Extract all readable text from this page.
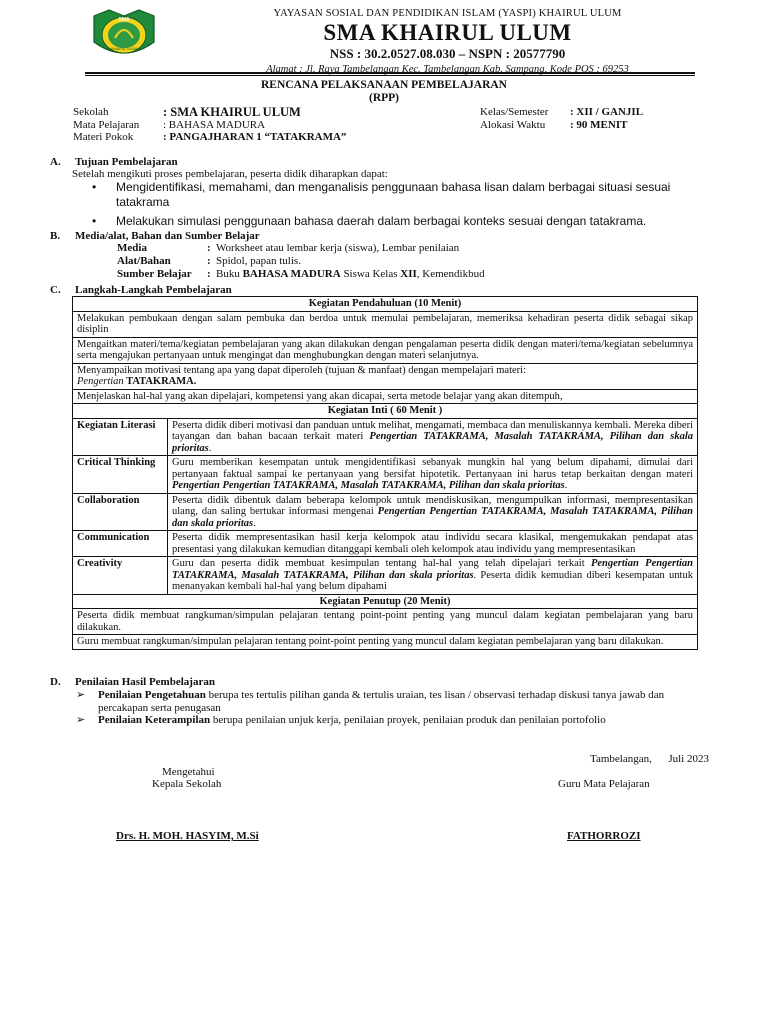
SMA
KHAIRUL ULUM
YAYASAN SOSIAL DAN PENDIDIKAN ISLAM (YASPI) KHAIRUL ULUM
SMA KHAIRUL ULUM
NSS : 30.2.0527.08.030 – NSPN : 20577790
Alamat : Jl. Raya Tambelangan Kec. Tambelangan Kab. Sampang, Kode POS : 69253
RENCANA PELAKSANAAN PEMBELAJARAN
(RPP)
Sekolah	: SMA KHAIRUL ULUM
Mata Pelajaran	: BAHASA MADURA
Materi Pokok	: PANGAJHARAN 1 “TATAKRAMA”
Kelas/Semester	: XII / GANJIL
Alokasi Waktu	: 90 MENIT
A. Tujuan Pembelajaran
Setelah mengikuti proses pembelajaran, peserta didik diharapkan dapat:
•	Mengidentifikasi, memahami, dan menganalisis penggunaan bahasa lisan dalam berbagai situasi sesuai tatakrama
•	Melakukan simulasi penggunaan bahasa daerah dalam berbagai konteks sesuai dengan tatakrama.
B. Media/alat, Bahan dan Sumber Belajar
Media	: Worksheet atau lembar kerja (siswa), Lembar penilaian
Alat/Bahan	: Spidol, papan tulis.
Sumber Belajar	: Buku BAHASA MADURA Siswa Kelas XII, Kemendikbud
C. Langkah-Langkah Pembelajaran
Kegiatan Pendahuluan (10 Menit)	
Melakukan pembukaan dengan salam pembuka dan berdoa untuk memulai pembelajaran, memeriksa kehadiran peserta didik sebagai sikap disiplin	
Mengaitkan materi/tema/kegiatan pembelajaran yang akan dilakukan dengan pengalaman peserta didik dengan materi/tema/kegiatan sebelumnya serta mengajukan pertanyaan untuk mengingat dan menghubungkan dengan materi selanjutnya.	
Menyampaikan motivasi tentang apa yang dapat diperoleh (tujuan & manfaat) dengan mempelajari materi:
Pengertian TATAKRAMA.	
Menjelaskan hal-hal yang akan dipelajari, kompetensi yang akan dicapai, serta metode belajar yang akan ditempuh,	
Kegiatan Inti ( 60 Menit )	
Kegiatan Literasi	Peserta didik diberi motivasi dan panduan untuk melihat, mengamati, membaca dan menuliskannya kembali. Mereka diberi tayangan dan bahan bacaan terkait materi Pengertian TATAKRAMA, Masalah TATAKRAMA, Pilihan dan skala prioritas.
Critical Thinking	Guru memberikan kesempatan untuk mengidentifikasi sebanyak mungkin hal yang belum dipahami, dimulai dari pertanyaan faktual sampai ke pertanyaan yang bersifat hipotetik. Pertanyaan ini harus tetap berkaitan dengan materi Pengertian Pengertian TATAKRAMA, Masalah TATAKRAMA, Pilihan dan skala prioritas.
Collaboration	Peserta didik dibentuk dalam beberapa kelompok untuk mendiskusikan, mengumpulkan informasi, mempresentasikan ulang, dan saling bertukar informasi mengenai Pengertian Pengertian TATAKRAMA, Masalah TATAKRAMA, Pilihan dan skala prioritas.
Communication	Peserta didik mempresentasikan hasil kerja kelompok atau individu secara klasikal, mengemukakan pendapat atas presentasi yang dilakukan kemudian ditanggapi kembali oleh kelompok atau individu yang mempresentasikan
Creativity	Guru dan peserta didik membuat kesimpulan tentang hal-hal yang telah dipelajari terkait Pengertian Pengertian TATAKRAMA, Masalah TATAKRAMA, Pilihan dan skala prioritas. Peserta didik kemudian diberi kesempatan untuk menanyakan kembali hal-hal yang belum dipahami
Kegiatan Penutup (20 Menit)	
Peserta didik membuat rangkuman/simpulan pelajaran tentang point-point penting yang muncul dalam kegiatan pembelajaran yang baru dilakukan.	
Guru membuat rangkuman/simpulan pelajaran tentang point-point penting yang muncul dalam kegiatan pembelajaran yang baru dilakukan.	
D. Penilaian Hasil Pembelajaran
➢	Penilaian Pengetahuan berupa tes tertulis pilihan ganda & tertulis uraian, tes lisan / observasi terhadap diskusi tanya jawab dan percakapan serta penugasan
➢	Penilaian Keterampilan berupa penilaian unjuk kerja, penilaian proyek, penilaian produk dan penilaian portofolio
Tambelangan,      Juli 2023
Mengetahui
Kepala Sekolah	Guru Mata Pelajaran
Drs. H. MOH. HASYIM, M.Si	FATHORROZI
